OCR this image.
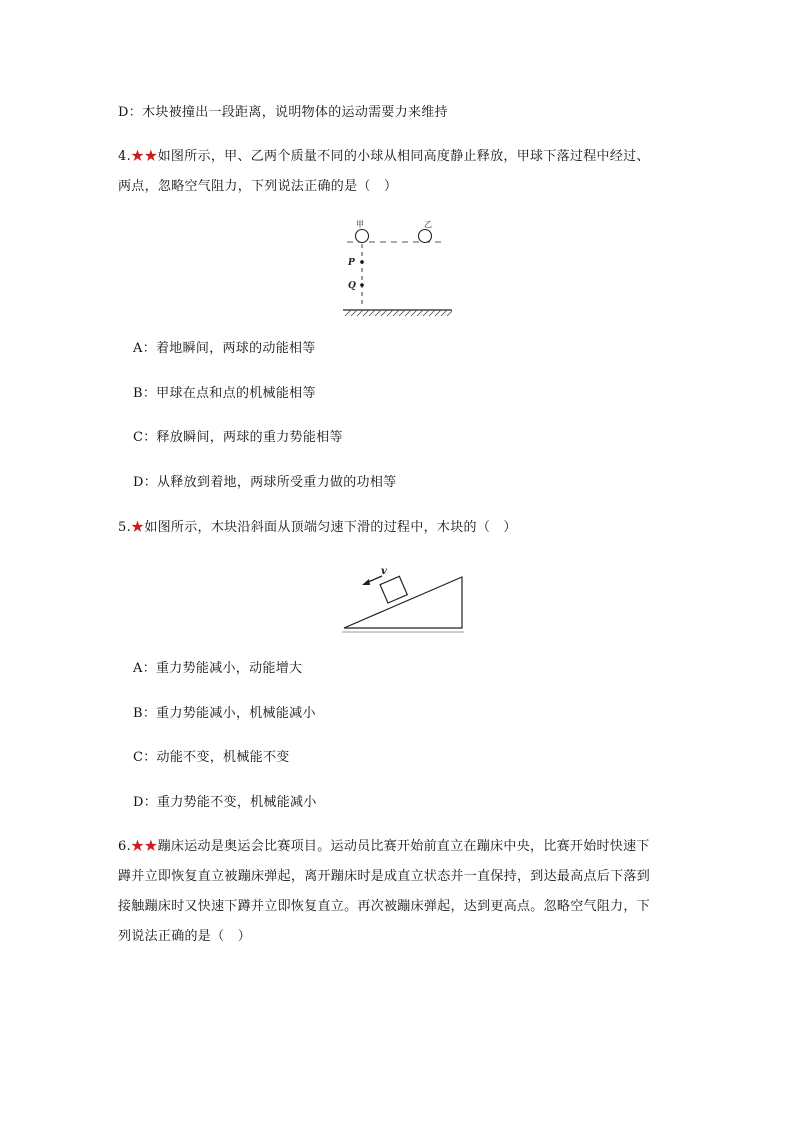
D：木块被撞出一段距离，说明物体的运动需要力来维持
4.★★如图所示，甲、乙两个质量不同的小球从相同高度静止释放，甲球下落过程中经过、
两点，忽略空气阻力，下列说法正确的是（　）
甲	乙
P
Q
A：着地瞬间，两球的动能相等
B：甲球在点和点的机械能相等
C：释放瞬间，两球的重力势能相等
D：从释放到着地，两球所受重力做的功相等
5.★如图所示，木块沿斜面从顶端匀速下滑的过程中，木块的（　）
v
A：重力势能减小，动能增大
B：重力势能减小，机械能减小
C：动能不变，机械能不变
D：重力势能不变，机械能减小
6.★★蹦床运动是奥运会比赛项目。运动员比赛开始前直立在蹦床中央，比赛开始时快速下
蹲并立即恢复直立被蹦床弹起，离开蹦床时是成直立状态并一直保持，到达最高点后下落到
接触蹦床时又快速下蹲并立即恢复直立。再次被蹦床弹起，达到更高点。忽略空气阻力，下
列说法正确的是（　）
